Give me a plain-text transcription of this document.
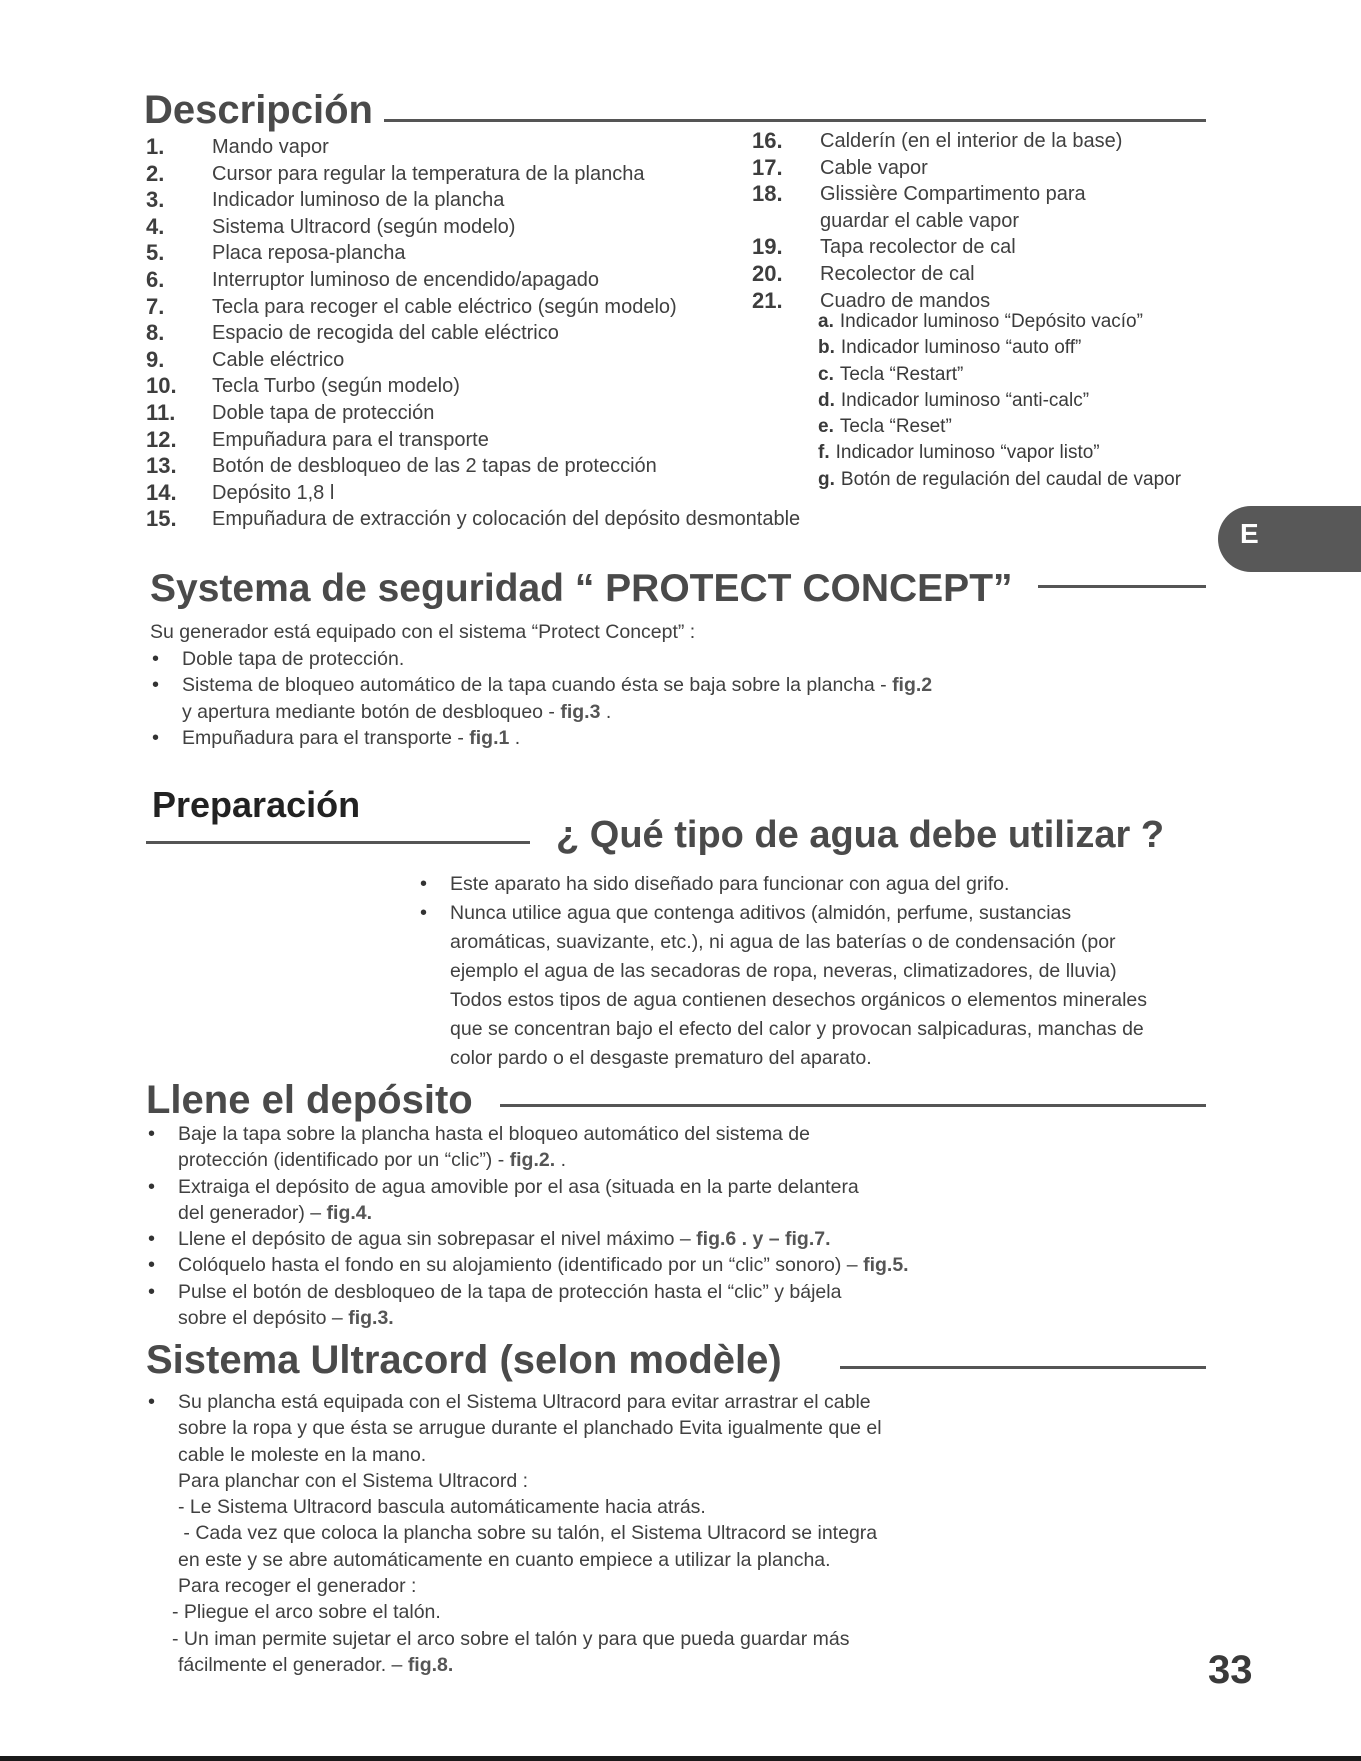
Descripción
1. Mando vapor
2. Cursor para regular la temperatura de la plancha
3. Indicador luminoso de la plancha
4. Sistema Ultracord (según modelo)
5. Placa reposa-plancha
6. Interruptor luminoso de encendido/apagado
7. Tecla para recoger el cable eléctrico (según modelo)
8. Espacio de recogida del cable eléctrico
9. Cable eléctrico
10. Tecla Turbo (según modelo)
11. Doble tapa de protección
12. Empuñadura para el transporte
13. Botón de desbloqueo de las 2 tapas de protección
14. Depósito 1,8 l
15. Empuñadura de extracción y colocación del depósito desmontable
16. Calderín (en el interior de la base)
17. Cable vapor
18. Glissière Compartimento para
guardar el cable vapor
19. Tapa recolector de cal
20. Recolector de cal
21. Cuadro de mandos
a. Indicador luminoso “Depósito vacío”
b. Indicador luminoso “auto off”
c. Tecla “Restart”
d. Indicador luminoso “anti-calc”
e. Tecla “Reset”
f. Indicador luminoso “vapor listo”
g. Botón de regulación del caudal de vapor
E
Systema de seguridad “ PROTECT CONCEPT”

Su generador está equipado con el sistema “Protect Concept” :

• Doble tapa de protección.
• Sistema de bloqueo automático de la tapa cuando ésta se baja sobre la plancha - fig.2
y apertura mediante botón de desbloqueo - fig.3 .
• Empuñadura para el transporte - fig.1 .
Preparación
¿ Qué tipo de agua debe utilizar ?
• Este aparato ha sido diseñado para funcionar con agua del grifo.
• Nunca utilice agua que contenga aditivos (almidón, perfume, sustancias
aromáticas, suavizante, etc.), ni agua de las baterías o de condensación (por
ejemplo el agua de las secadoras de ropa, neveras, climatizadores, de lluvia)
Todos estos tipos de agua contienen desechos orgánicos o elementos minerales
que se concentran bajo el efecto del calor y provocan salpicaduras, manchas de
color pardo o el desgaste prematuro del aparato.
Llene el depósito
• Baje la tapa sobre la plancha hasta el bloqueo automático del sistema de
protección (identificado por un “clic”) - fig.2. .
• Extraiga el depósito de agua amovible por el asa (situada en la parte delantera
del generador) – fig.4.
• Llene el depósito de agua sin sobrepasar el nivel máximo – fig.6 . y – fig.7.
• Colóquelo hasta el fondo en su alojamiento (identificado por un “clic” sonoro) – fig.5.
• Pulse el botón de desbloqueo de la tapa de protección hasta el “clic” y bájela
sobre el depósito – fig.3.
Sistema Ultracord (selon modèle)
• Su plancha está equipada con el Sistema Ultracord para evitar arrastrar el cable
sobre la ropa y que ésta se arrugue durante el planchado Evita igualmente que el
cable le moleste en la mano.
Para planchar con el Sistema Ultracord :
- Le Sistema Ultracord bascula automáticamente hacia atrás.
- Cada vez que coloca la plancha sobre su talón, el Sistema Ultracord se integra
en este y se abre automáticamente en cuanto empiece a utilizar la plancha.
Para recoger el generador :
- Pliegue el arco sobre el talón.
- Un iman permite sujetar el arco sobre el talón y para que pueda guardar más
fácilmente el generador. – fig.8.	33
